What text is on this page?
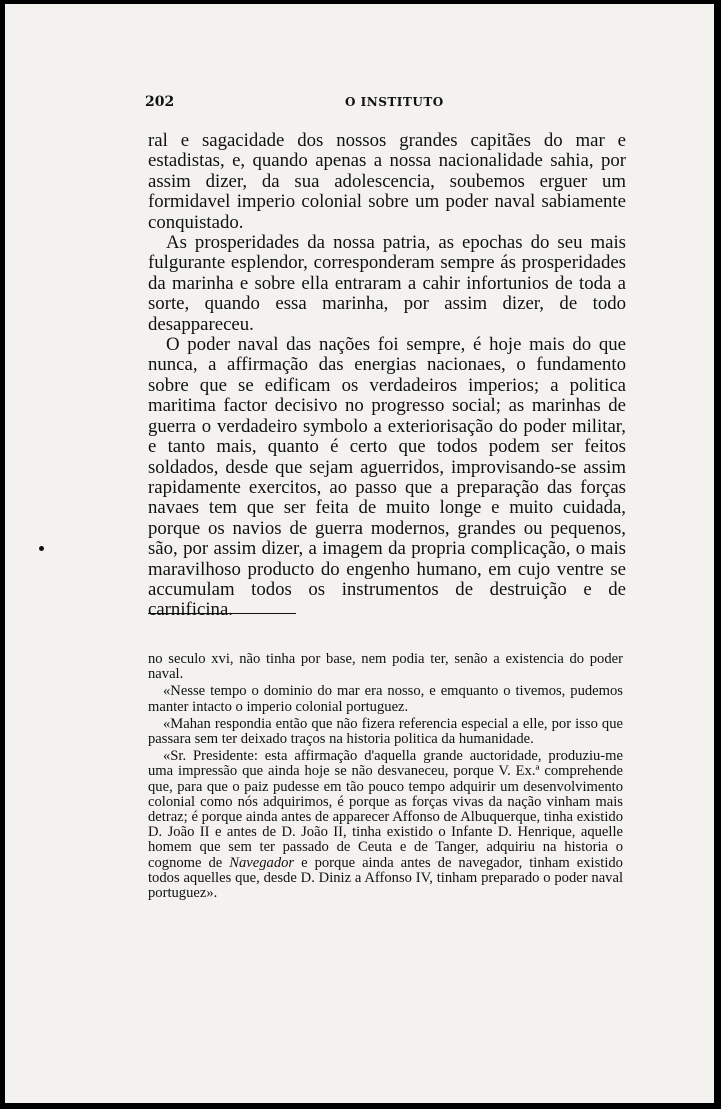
202	O INSTITUTO

ral e sagacidade dos nossos grandes capitães do mar e estadistas, e, quando apenas a nossa nacionalidade sahia, por assim dizer, da sua adolescencia, soubemos erguer um formidavel imperio colonial sobre um poder naval sabiamente conquistado.

As prosperidades da nossa patria, as epochas do seu mais fulgurante esplendor, corresponderam sempre ás prosperidades da marinha e sobre ella entraram a cahir infortunios de toda a sorte, quando essa marinha, por assim dizer, de todo desappareceu.

O poder naval das nações foi sempre, é hoje mais do que nunca, a affirmação das energias nacionaes, o fundamento sobre que se edificam os verdadeiros imperios; a politica maritima factor decisivo no progresso social; as marinhas de guerra o verdadeiro symbolo a exteriorisação do poder militar, e tanto mais, quanto é certo que todos podem ser feitos soldados, desde que sejam aguerridos, improvisando-se assim rapidamente exercitos, ao passo que a preparação das forças navaes tem que ser feita de muito longe e muito cuidada, porque os navios de guerra modernos, grandes ou pequenos, são, por assim dizer, a imagem da propria complicação, o mais maravilhoso producto do engenho humano, em cujo ventre se accumulam todos os instrumentos de destruição e de carnificina.

no seculo xvi, não tinha por base, nem podia ter, senão a existencia do poder naval.

«Nesse tempo o dominio do mar era nosso, e emquanto o tivemos, pudemos manter intacto o imperio colonial portuguez.

«Mahan respondia então que não fizera referencia especial a elle, por isso que passara sem ter deixado traços na historia politica da humanidade.

«Sr. Presidente: esta affirmação d'aquella grande auctoridade, produziu-me uma impressão que ainda hoje se não desvaneceu, porque V. Ex.ª comprehende que, para que o paiz pudesse em tão pouco tempo adquirir um desenvolvimento colonial como nós adquirimos, é porque as forças vivas da nação vinham mais detraz; é porque ainda antes de apparecer Affonso de Albuquerque, tinha existido D. João II e antes de D. João II, tinha existido o Infante D. Henrique, aquelle homem que sem ter passado de Ceuta e de Tanger, adquiriu na historia o cognome de Navegador e porque ainda antes de navegador, tinham existido todos aquelles que, desde D. Diniz a Affonso IV, tinham preparado o poder naval portuguez».
